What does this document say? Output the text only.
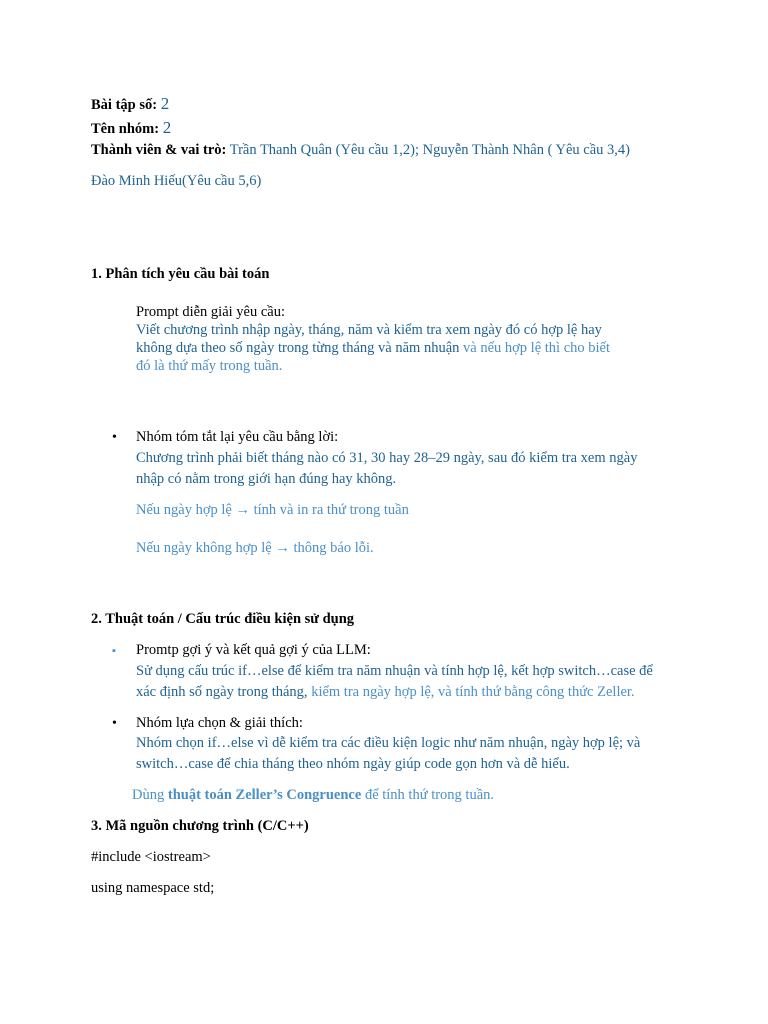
Bài tập số: 2
Tên nhóm: 2
Thành viên & vai trò: Trần Thanh Quân (Yêu cầu 1,2); Nguyễn Thành Nhân ( Yêu cầu 3,4)
Đào Minh Hiếu(Yêu cầu 5,6)
1. Phân tích yêu cầu bài toán
Prompt diễn giải yêu cầu:
Viết chương trình nhập ngày, tháng, năm và kiểm tra xem ngày đó có hợp lệ hay
không dựa theo số ngày trong từng tháng và năm nhuận và nếu hợp lệ thì cho biết
đó là thứ mấy trong tuần.
• Nhóm tóm tắt lại yêu cầu bằng lời:
Chương trình phải biết tháng nào có 31, 30 hay 28–29 ngày, sau đó kiểm tra xem ngày
nhập có nằm trong giới hạn đúng hay không.
Nếu ngày hợp lệ → tính và in ra thứ trong tuần
Nếu ngày không hợp lệ → thông báo lỗi.
2. Thuật toán / Cấu trúc điều kiện sử dụng
▪ Promtp gợi ý và kết quả gợi ý của LLM:
Sử dụng cấu trúc if…else để kiểm tra năm nhuận và tính hợp lệ, kết hợp switch…case để
xác định số ngày trong tháng, kiểm tra ngày hợp lệ, và tính thứ bằng công thức Zeller.
• Nhóm lựa chọn & giải thích:
Nhóm chọn if…else vì dễ kiểm tra các điều kiện logic như năm nhuận, ngày hợp lệ; và
switch…case để chia tháng theo nhóm ngày giúp code gọn hơn và dễ hiểu.
Dùng thuật toán Zeller’s Congruence để tính thứ trong tuần.
3. Mã nguồn chương trình (C/C++)
#include <iostream>
using namespace std;
